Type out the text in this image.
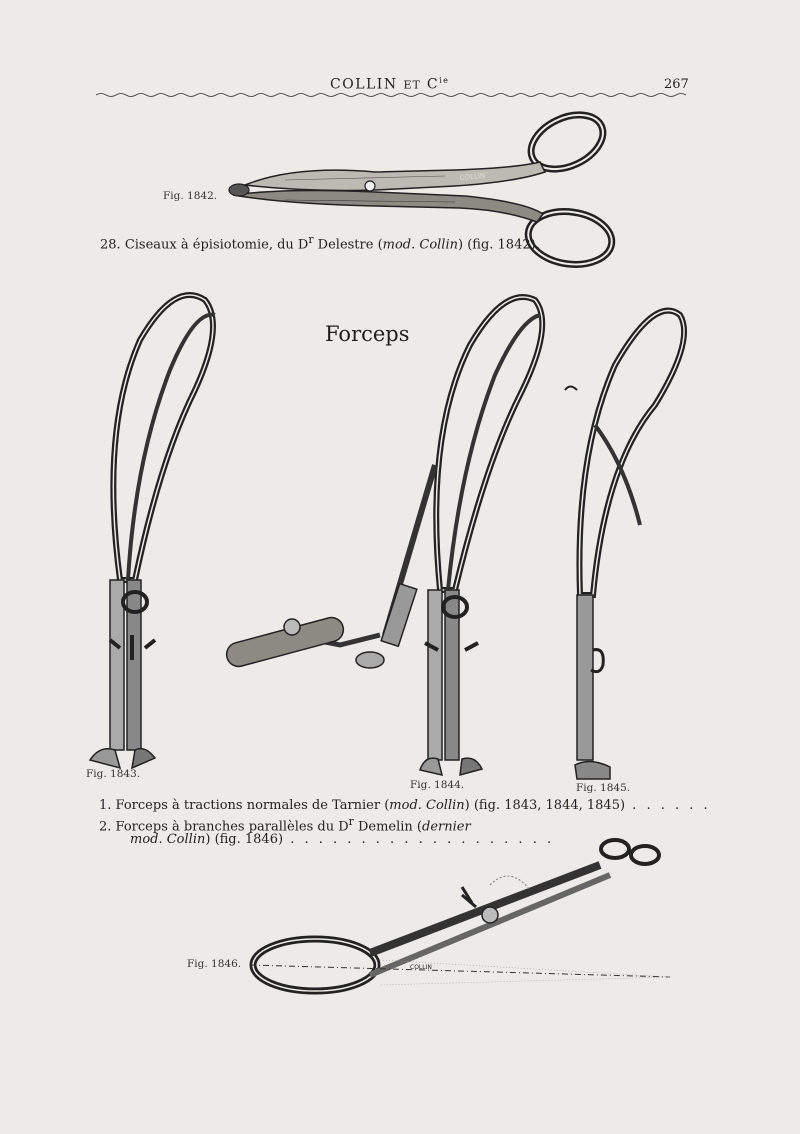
COLLIN ET $C^{ie}$	267
Fig. 1842.
COLLIN
28. Ciseaux à épisiotomie, du $D^r$ Delestre (mod. Collin) (fig. 1842).
Forceps
Fig. 1843.
Fig. 1844.	Fig. 1845.
1. Forceps à tractions normales de Tarnier (mod. Collin) (fig. 1843, 1844, 1845) . . . . . .
2. Forceps à branches parallèles du $D^r$ Demelin (dernier
mod. Collin) (fig. 1846) . . . . . . . . . . . . . . . . . . .
Fig. 1846.	COLLIN
